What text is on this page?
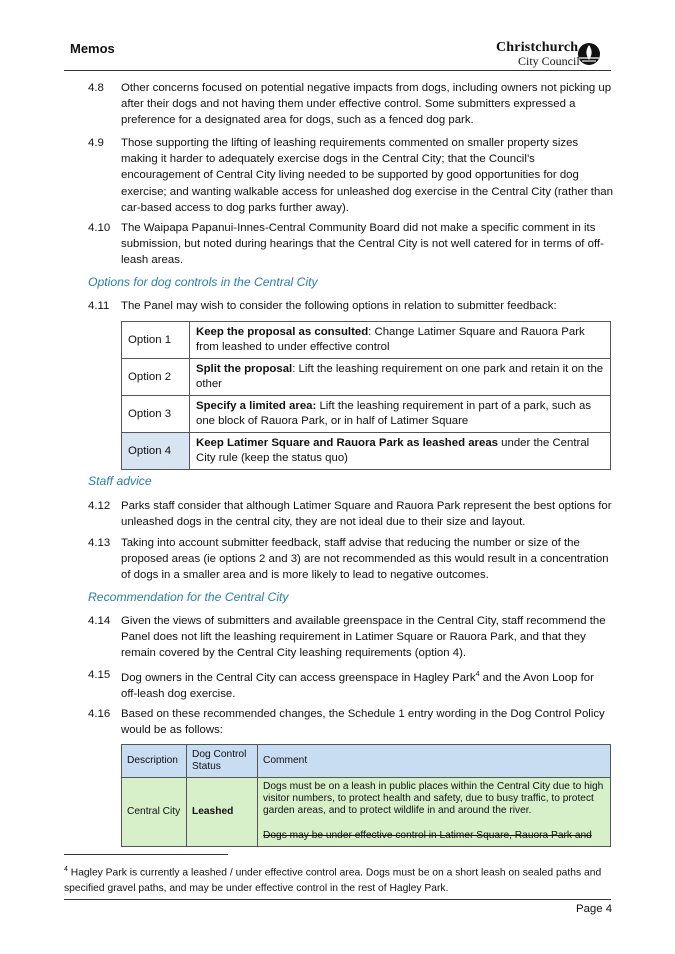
Memos	Christchurch
City Council
4.8	Other concerns focused on potential negative impacts from dogs, including owners not picking up after their dogs and not having them under effective control. Some submitters expressed a preference for a designated area for dogs, such as a fenced dog park.
4.9	Those supporting the lifting of leashing requirements commented on smaller property sizes making it harder to adequately exercise dogs in the Central City; that the Council’s encouragement of Central City living needed to be supported by good opportunities for dog exercise; and wanting walkable access for unleashed dog exercise in the Central City (rather than car-based access to dog parks further away).
4.10 The Waipapa Papanui-Innes-Central Community Board did not make a specific comment in its submission, but noted during hearings that the Central City is not well catered for in terms of off-leash areas.
Options for dog controls in the Central City
4.11	The Panel may wish to consider the following options in relation to submitter feedback:
Option 1	Keep the proposal as consulted: Change Latimer Square and Rauora Park from leashed to under effective control
Option 2	Split the proposal: Lift the leashing requirement on one park and retain it on the other
Option 3	Specify a limited area: Lift the leashing requirement in part of a park, such as one block of Rauora Park, or in half of Latimer Square
Option 4	Keep Latimer Square and Rauora Park as leashed areas under the Central City rule (keep the status quo)
Staff advice
4.12 Parks staff consider that although Latimer Square and Rauora Park represent the best options for unleashed dogs in the central city, they are not ideal due to their size and layout.
4.13 Taking into account submitter feedback, staff advise that reducing the number or size of the proposed areas (ie options 2 and 3) are not recommended as this would result in a concentration of dogs in a smaller area and is more likely to lead to negative outcomes.
Recommendation for the Central City
4.14 Given the views of submitters and available greenspace in the Central City, staff recommend the Panel does not lift the leashing requirement in Latimer Square or Rauora Park, and that they remain covered by the Central City leashing requirements (option 4).
4.15 Dog owners in the Central City can access greenspace in Hagley Park$^4$ and the Avon Loop for off-leash dog exercise.
4.16 Based on these recommended changes, the Schedule 1 entry wording in the Dog Control Policy would be as follows:
Description	Dog Control Status	Comment
Central City	Leashed	Dogs must be on a leash in public places within the Central City due to high visitor numbers, to protect health and safety, due to busy traffic, to protect garden areas, and to protect wildlife in and around the river.
Dogs may be under effective control in Latimer Square, Rauora Park and
$^4$ Hagley Park is currently a leashed / under effective control area. Dogs must be on a short leash on sealed paths and specified gravel paths, and may be under effective control in the rest of Hagley Park.
Page 4
